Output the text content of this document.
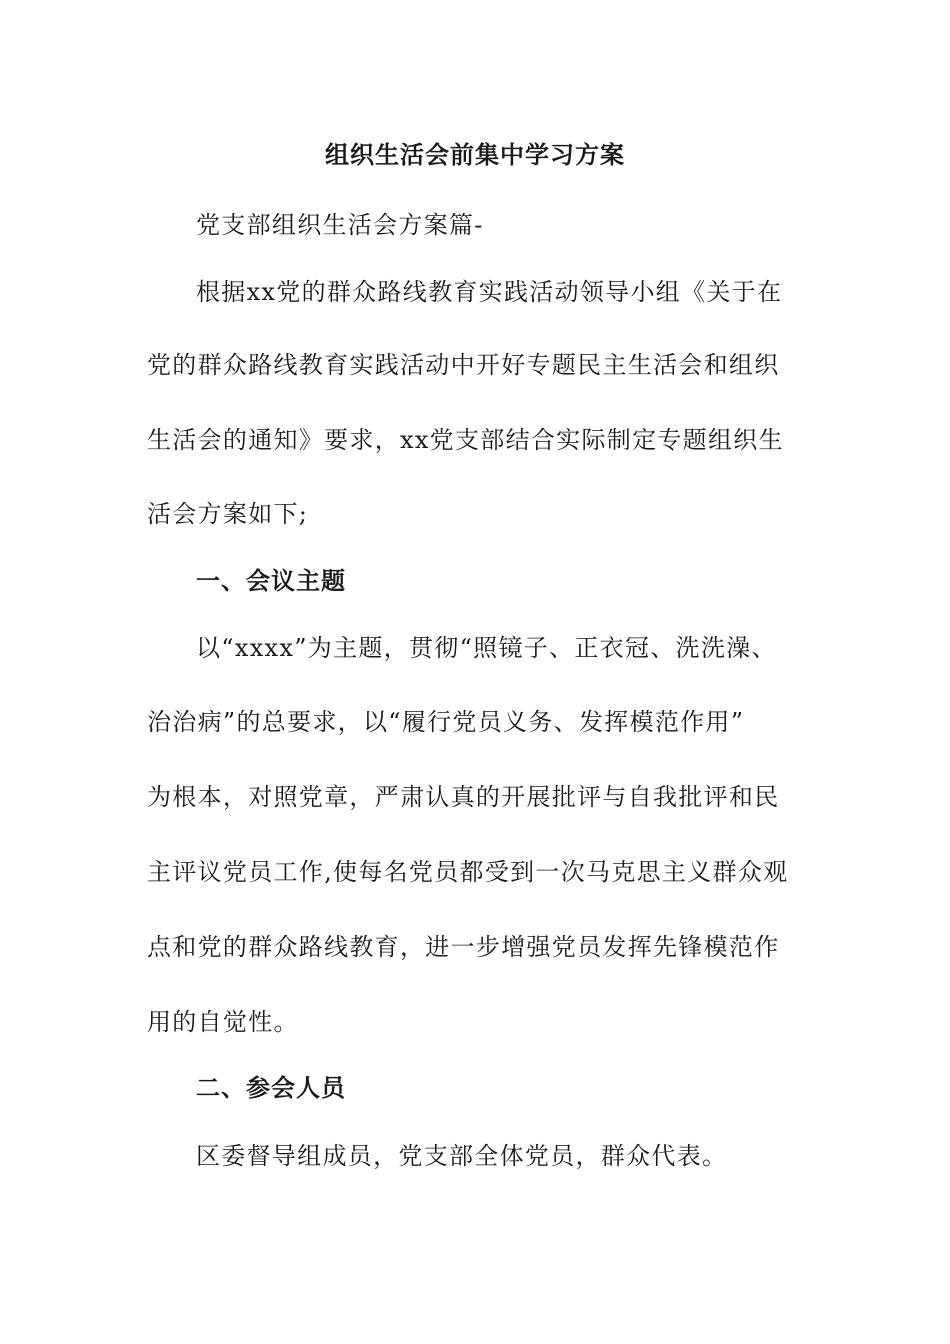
组织生活会前集中学习方案
党支部组织生活会方案篇-
根据xx党的群众路线教育实践活动领导小组《关于在
党的群众路线教育实践活动中开好专题民主生活会和组织
生活会的通知》要求，xx党支部结合实际制定专题组织生
活会方案如下;
一、会议主题
以“xxxx”为主题，贯彻“照镜子、正衣冠、洗洗澡、
治治病”的总要求，以“履行党员义务、发挥模范作用”
为根本，对照党章，严肃认真的开展批评与自我批评和民
主评议党员工作,使每名党员都受到一次马克思主义群众观
点和党的群众路线教育，进一步增强党员发挥先锋模范作
用的自觉性。
二、参会人员
区委督导组成员，党支部全体党员，群众代表。
